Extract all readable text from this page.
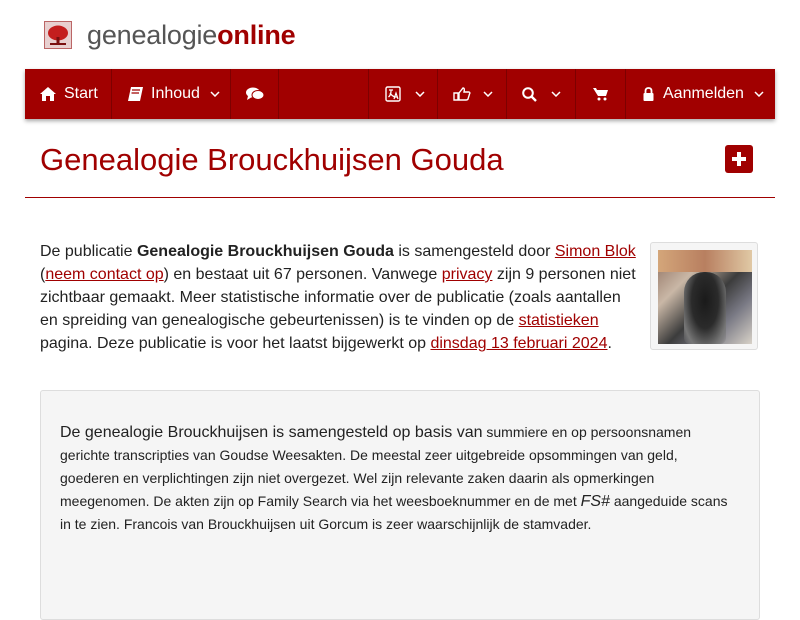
genealogieonline
Start	Inhoud	Aanmelden
Genealogie Brouckhuijsen Gouda
De publicatie Genealogie Brouckhuijsen Gouda is samengesteld door Simon Blok (neem contact op) en bestaat uit 67 personen. Vanwege privacy zijn 9 personen niet zichtbaar gemaakt. Meer statistische informatie over de publicatie (zoals aantallen en spreiding van genealogische gebeurtenissen) is te vinden op de statistieken pagina. Deze publicatie is voor het laatst bijgewerkt op dinsdag 13 februari 2024.
De genealogie Brouckhuijsen is samengesteld op basis van summiere en op persoonsnamen gerichte transcripties van Goudse Weesakten. De meestal zeer uitgebreide opsommingen van geld, goederen en verplichtingen zijn niet overgezet. Wel zijn relevante zaken daarin als opmerkingen meegenomen. De akten zijn op Family Search via het weesboeknummer en de met FS# aangeduide scans in te zien. Francois van Brouckhuijsen uit Gorcum is zeer waarschijnlijk de stamvader.
